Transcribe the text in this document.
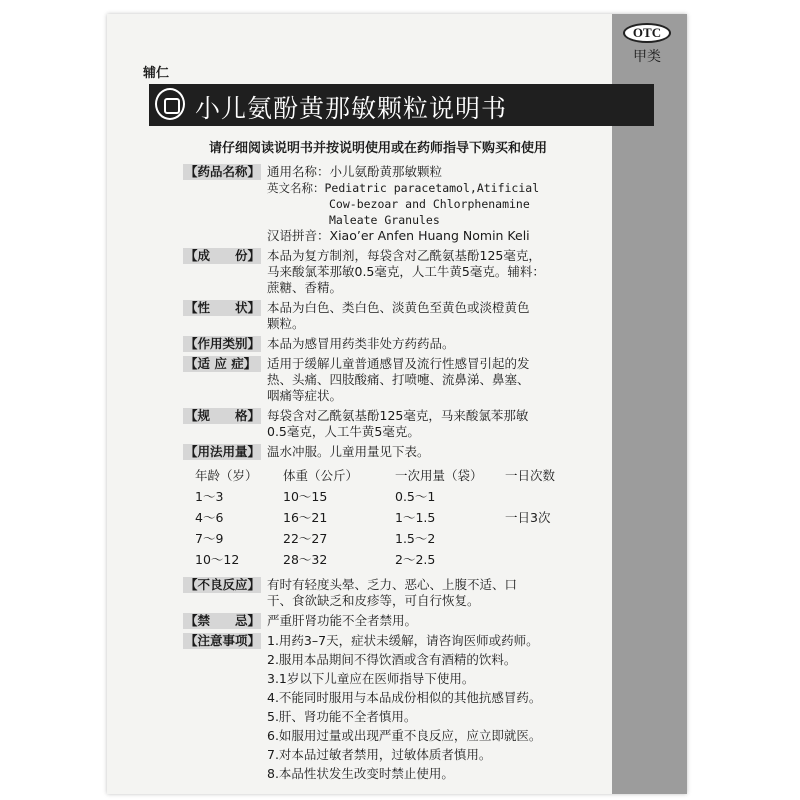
OTC
甲类
辅仁
小儿氨酚黄那敏颗粒说明书
请仔细阅读说明书并按说明使用或在药师指导下购买和使用
【药品名称】 通用名称：小儿氨酚黄那敏颗粒
英文名称：Pediatric paracetamol,Atificial
Cow-bezoar and Chlorphenamine
Maleate Granules
汉语拼音：Xiao’er Anfen Huang Nomin Keli
【成　　份】 本品为复方制剂，每袋含对乙酰氨基酚125毫克，
马来酸氯苯那敏0.5毫克，人工牛黄5毫克。辅料：
蔗糖、香精。
【性　　状】 本品为白色、类白色、淡黄色至黄色或淡橙黄色
颗粒。
【作用类别】 本品为感冒用药类非处方药药品。
【适 应 症】 适用于缓解儿童普通感冒及流行性感冒引起的发
热、头痛、四肢酸痛、打喷嚏、流鼻涕、鼻塞、
咽痛等症状。
【规　　格】 每袋含对乙酰氨基酚125毫克，马来酸氯苯那敏
0.5毫克，人工牛黄5毫克。
【用法用量】 温水冲服。儿童用量见下表。
年龄（岁）	体重（公斤）	一次用量（袋）	一日次数
1～3	10～15	0.5～1
4～6	16～21	1～1.5	一日3次
7～9	22～27	1.5～2
10～12	28～32	2～2.5
【不良反应】 有时有轻度头晕、乏力、恶心、上腹不适、口
干、食欲缺乏和皮疹等，可自行恢复。
【禁　　忌】 严重肝肾功能不全者禁用。
【注意事项】 1.用药3–7天，症状未缓解，请咨询医师或药师。
2.服用本品期间不得饮酒或含有酒精的饮料。
3.1岁以下儿童应在医师指导下使用。
4.不能同时服用与本品成份相似的其他抗感冒药。
5.肝、肾功能不全者慎用。
6.如服用过量或出现严重不良反应，应立即就医。
7.对本品过敏者禁用，过敏体质者慎用。
8.本品性状发生改变时禁止使用。
